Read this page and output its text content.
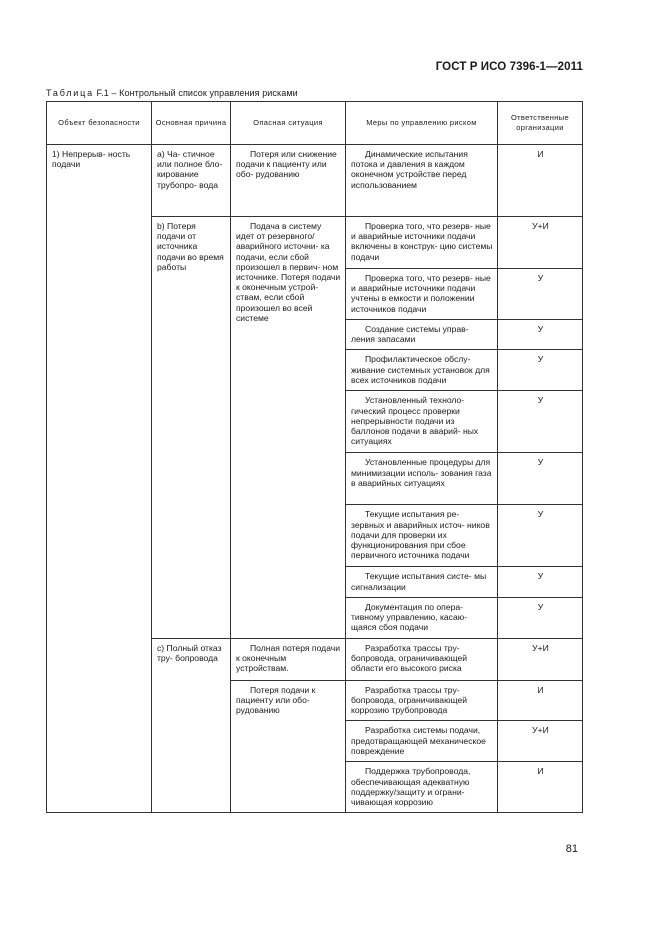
ГОСТ Р ИСО 7396-1—2011
Таблица F.1 – Контрольный список управления рисками
Объект безопасности	Основная причина	Опасная ситуация	Меры по управлению риском	Ответственные организации

1) Непрерыв- ность подачи	a) Ча- стичное или полное бло- кирование трубопро- вода	Потеря или снижение подачи к пациенту или обо- рудованию	Динамические испытания потока и давления в каждом оконечном устройстве перед использованием	И

	b) Потеря подачи от источника подачи во время работы	Подача в систему идет от резервного/ аварийного источни- ка подачи, если сбой произошел в первич- ном источнике. Потеря подачи к оконечным устрой- ствам, если сбой произошел во всей системе	Проверка того, что резерв- ные и аварийные источники подачи включены в конструк- цию системы подачи	У+И

			Проверка того, что резерв- ные и аварийные источники подачи учтены в емкости и положении источников подачи	У

			Создание системы управ- ления запасами	У

			Профилактическое обслу- живание системных установок для всех источников подачи	У

			Установленный техноло- гический процесс проверки непрерывности подачи из баллонов подачи в аварий- ных ситуациях	У

			Установленные процедуры для минимизации исполь- зования газа в аварийных ситуациях	У

			Текущие испытания ре- зервных и аварийных источ- ников подачи для проверки их функционирования при сбое первичного источника подачи	У

			Текущие испытания систе- мы сигнализации	У

			Документация по опера- тивному управлению, касаю- щаяся сбоя подачи	У

	c) Полный отказ тру- бопровода	Полная потеря подачи к оконечным устройствам.	Разработка трассы тру- бопровода, ограничивающей области его высокого риска	У+И

		Потеря подачи к пациенту или обо- рудованию	Разработка трассы тру- бопровода, ограничивающей коррозию трубопровода	И

			Разработка системы подачи, предотвращающей механическое повреждение	У+И

			Поддержка трубопровода, обеспечивающая адекватную поддержку/защиту и ограни- чивающая коррозию	И
81
